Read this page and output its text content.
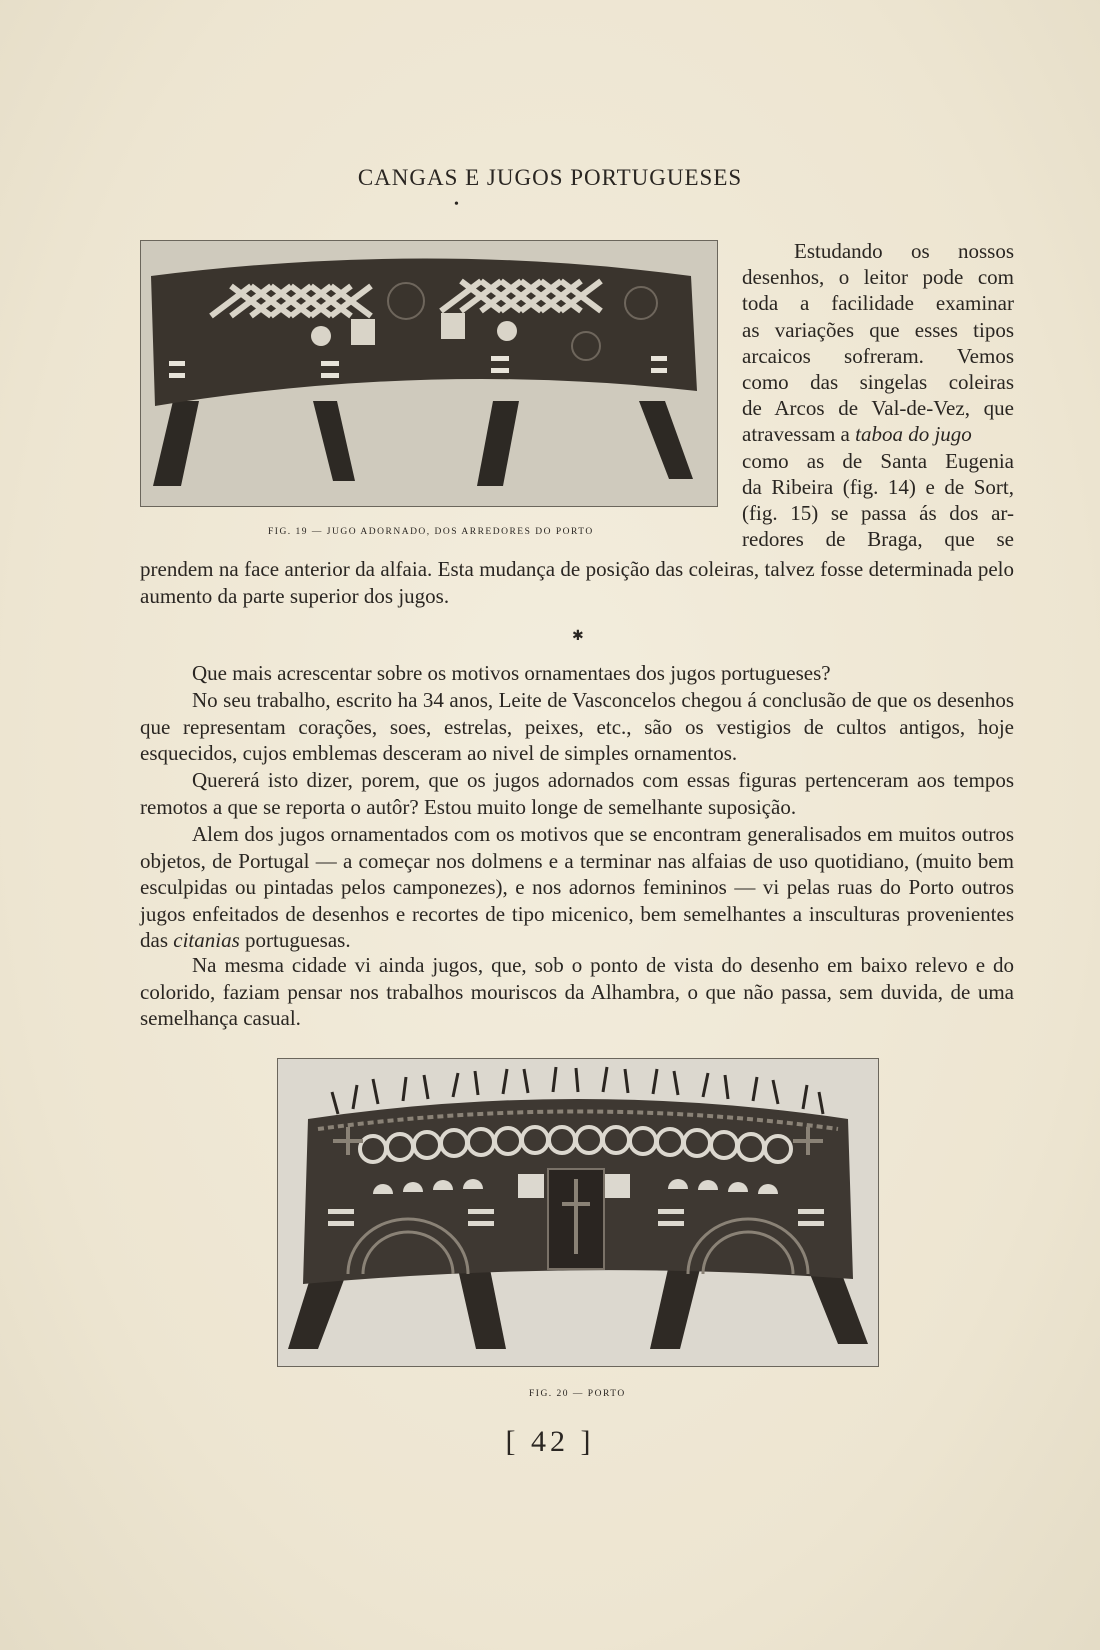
CANGAS E JUGOS PORTUGUESES
•
FIG. 19 — JUGO ADORNADO, DOS ARREDORES DO PORTO
Estudando os nossos
desenhos, o leitor pode com
toda a facilidade examinar
as variações que esses tipos
arcaicos sofreram. Vemos
como das singelas coleiras
de Arcos de Val-de-Vez, que
atravessam a taboa do jugo
como as de Santa Eugenia
da Ribeira (fig. 14) e de Sort,
(fig. 15) se passa ás dos ar-
redores de Braga, que se

prendem na face anterior da alfaia. Esta mudança de posição das coleiras, talvez fosse determinada pelo aumento da parte superior dos jugos.

✱

Que mais acrescentar sobre os motivos ornamentaes dos jugos portugueses?

No seu trabalho, escrito ha 34 anos, Leite de Vasconcelos chegou á conclusão de que os desenhos que representam corações, soes, estrelas, peixes, etc., são os vestigios de cultos antigos, hoje esquecidos, cujos emblemas desceram ao nivel de simples ornamentos.

Quererá isto dizer, porem, que os jugos adornados com essas figuras pertenceram aos tempos remotos a que se reporta o autôr? Estou muito longe de semelhante suposição.

Alem dos jugos ornamentados com os motivos que se encontram generalisados em muitos outros objetos, de Portugal — a começar nos dolmens e a terminar nas alfaias de uso quotidiano, (muito bem esculpidas ou pintadas pelos camponezes), e nos adornos femininos — vi pelas ruas do Porto outros jugos enfeitados de desenhos e recortes de tipo micenico, bem semelhantes a insculturas provenientes das citanias portuguesas.

Na mesma cidade vi ainda jugos, que, sob o ponto de vista do desenho em baixo relevo e do colorido, faziam pensar nos trabalhos mouriscos da Alhambra, o que não passa, sem duvida, de uma semelhança casual.

FIG. 20 — PORTO
[ 42 ]
